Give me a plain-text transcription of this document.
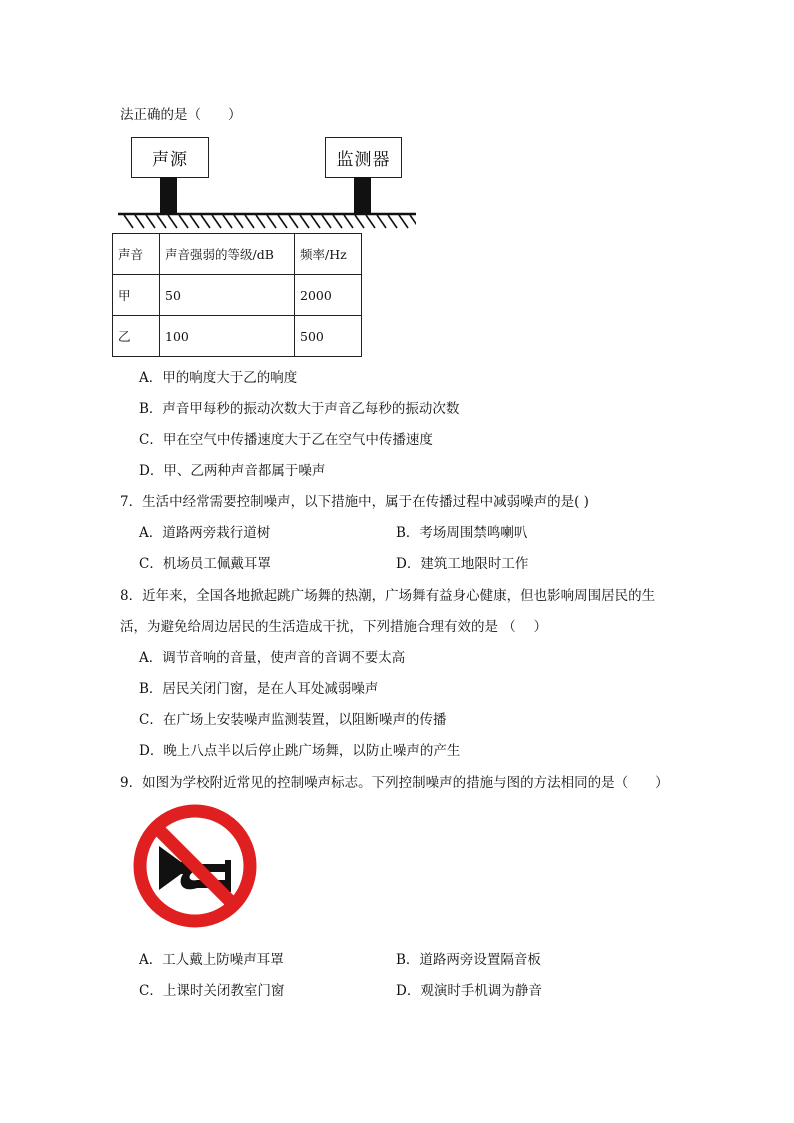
法正确的是（　　）
声源	监测器
声音	声音强弱的等级/dB	频率/Hz
甲	50	2000
乙	100	500
A．甲的响度大于乙的响度
B．声音甲每秒的振动次数大于声音乙每秒的振动次数
C．甲在空气中传播速度大于乙在空气中传播速度
D．甲、乙两种声音都属于噪声
7．生活中经常需要控制噪声，以下措施中，属于在传播过程中减弱噪声的是( )
A．道路两旁栽行道树	B．考场周围禁鸣喇叭
C．机场员工佩戴耳罩	D．建筑工地限时工作
8．近年来，全国各地掀起跳广场舞的热潮，广场舞有益身心健康，但也影响周围居民的生
活，为避免给周边居民的生活造成干扰，下列措施合理有效的是 （　 ）
A．调节音响的音量，使声音的音调不要太高
B．居民关闭门窗，是在人耳处减弱噪声
C．在广场上安装噪声监测装置，以阻断噪声的传播
D．晚上八点半以后停止跳广场舞，以防止噪声的产生
9．如图为学校附近常见的控制噪声标志。下列控制噪声的措施与图的方法相同的是（　　）
A．工人戴上防噪声耳罩	B．道路两旁设置隔音板
C．上课时关闭教室门窗	D．观演时手机调为静音
